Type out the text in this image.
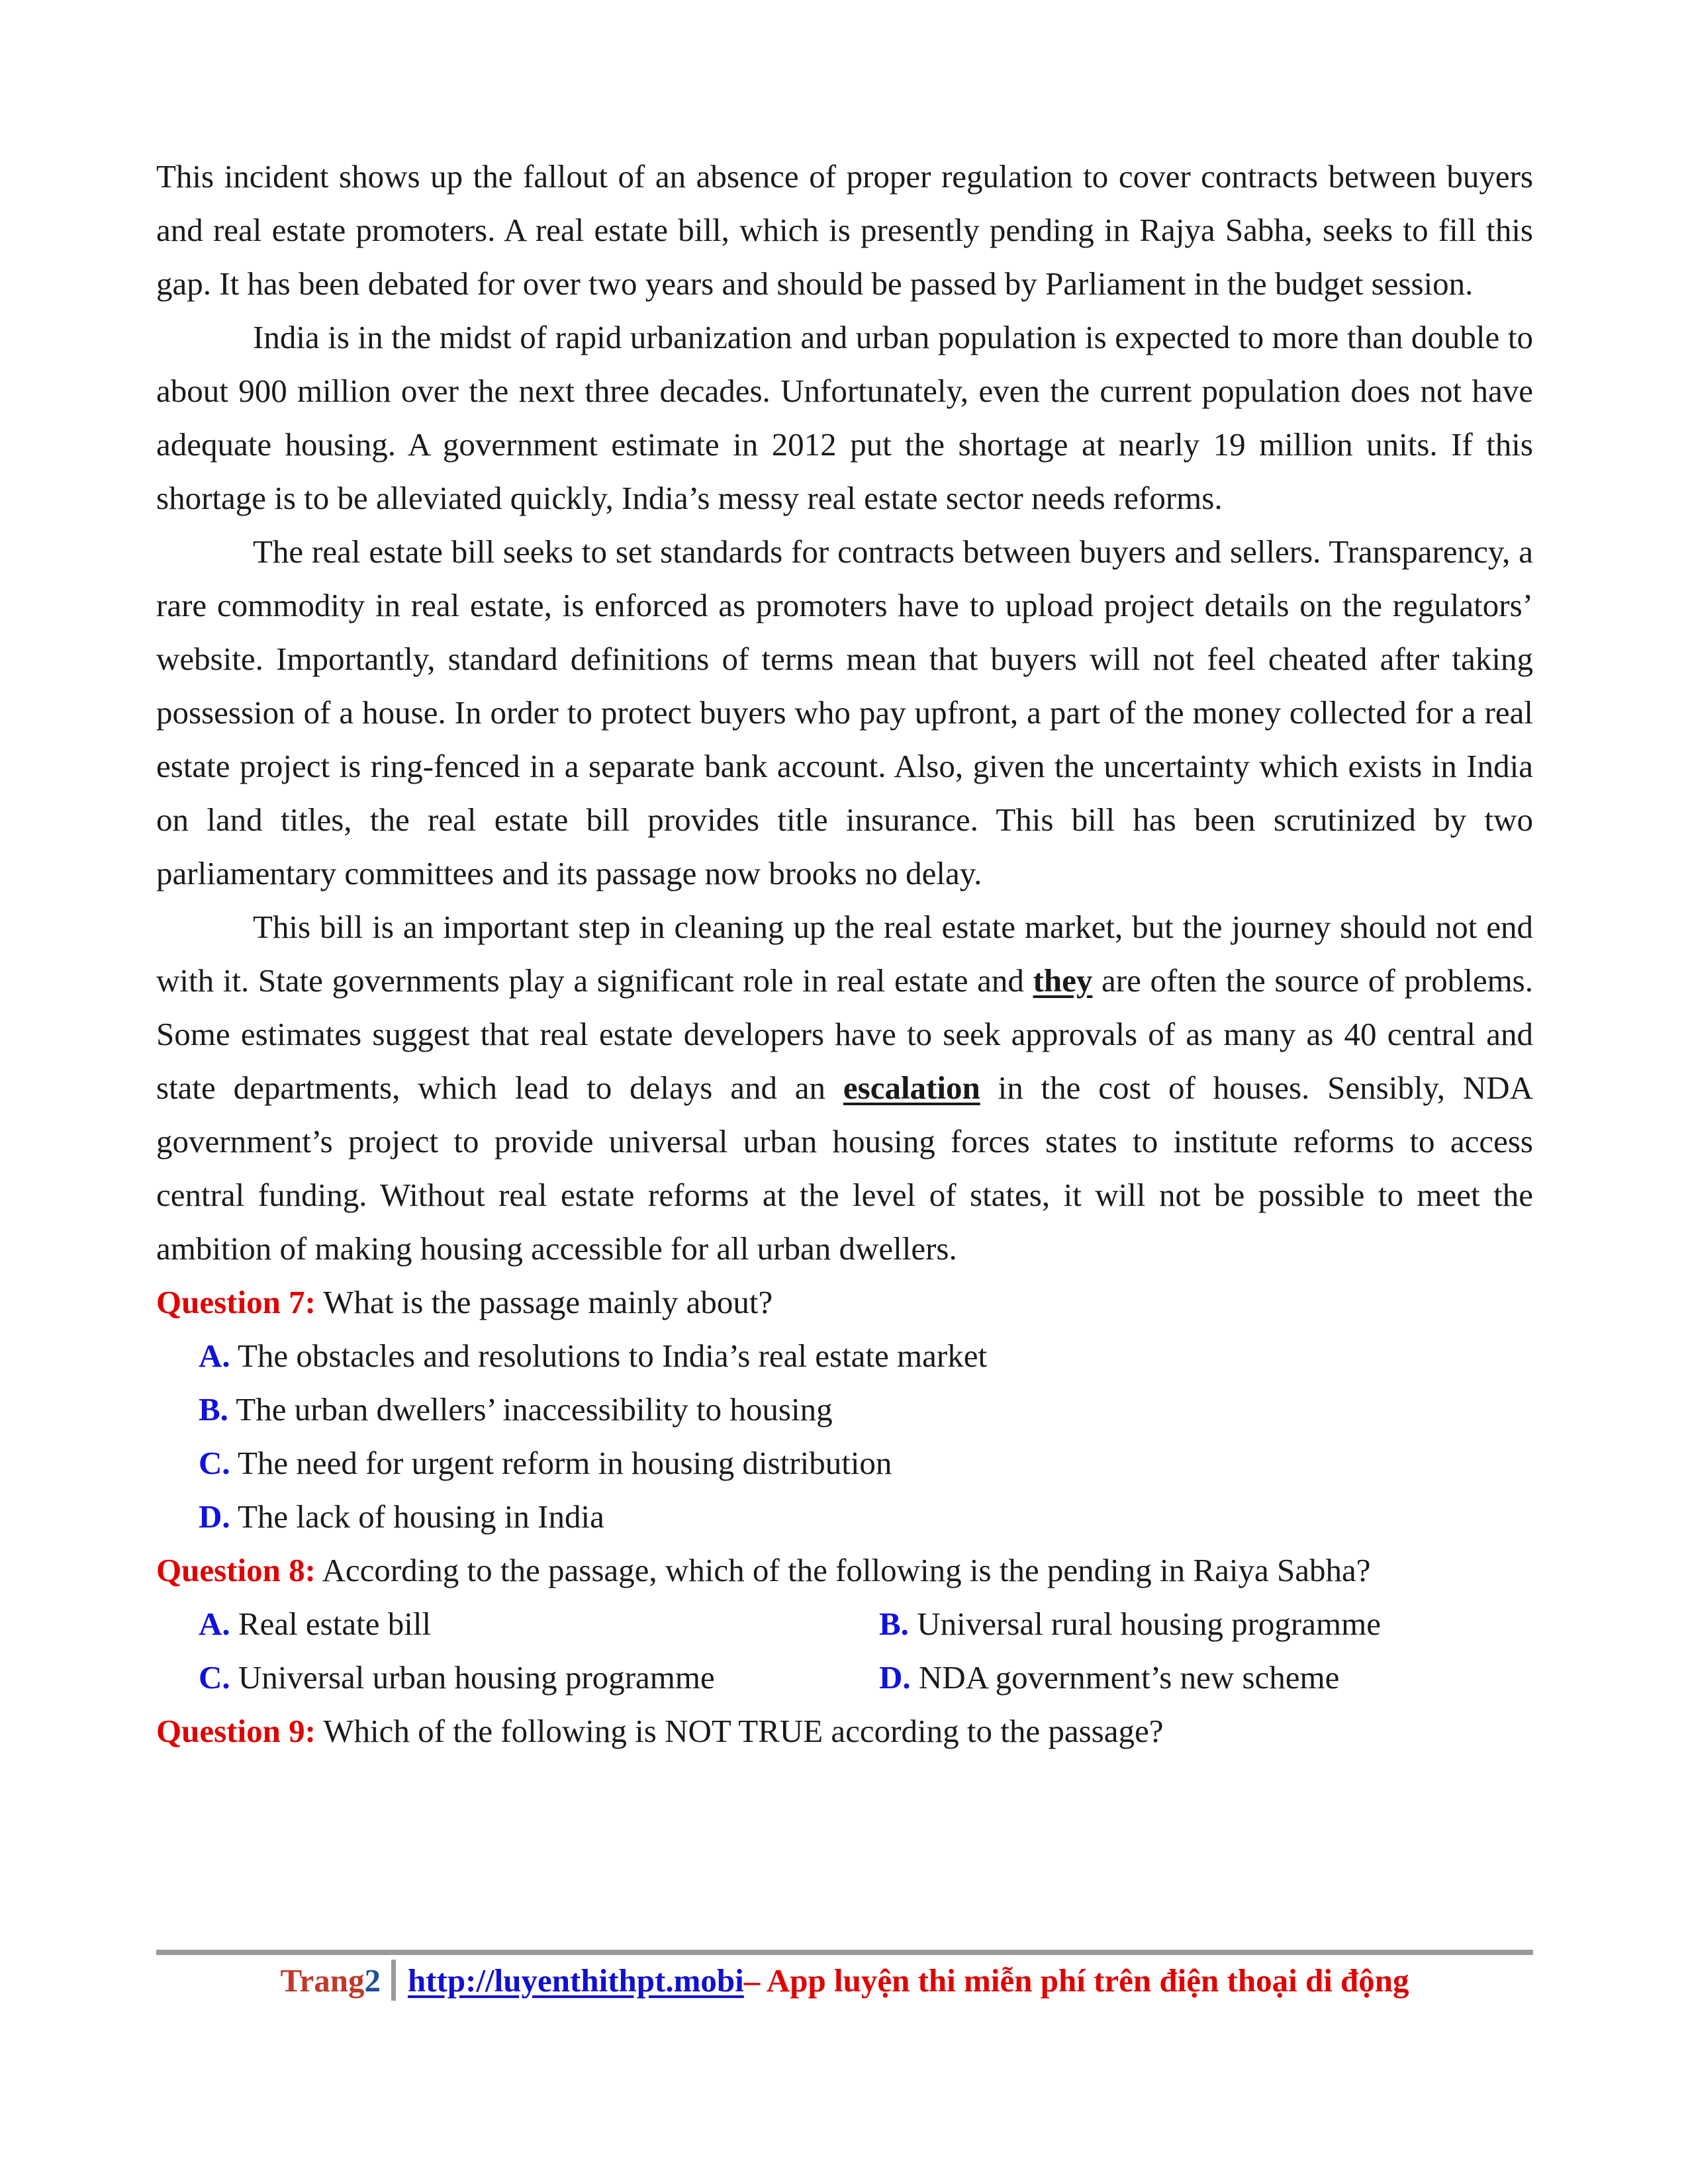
This incident shows up the fallout of an absence of proper regulation to cover contracts between buyers and real estate promoters. A real estate bill, which is presently pending in Rajya Sabha, seeks to fill this gap. It has been debated for over two years and should be passed by Parliament in the budget session.

India is in the midst of rapid urbanization and urban population is expected to more than double to about 900 million over the next three decades. Unfortunately, even the current population does not have adequate housing. A government estimate in 2012 put the shortage at nearly 19 million units. If this shortage is to be alleviated quickly, India’s messy real estate sector needs reforms.

The real estate bill seeks to set standards for contracts between buyers and sellers. Transparency, a rare commodity in real estate, is enforced as promoters have to upload project details on the regulators’ website. Importantly, standard definitions of terms mean that buyers will not feel cheated after taking possession of a house. In order to protect buyers who pay upfront, a part of the money collected for a real estate project is ring-fenced in a separate bank account. Also, given the uncertainty which exists in India on land titles, the real estate bill provides title insurance. This bill has been scrutinized by two parliamentary committees and its passage now brooks no delay.

This bill is an important step in cleaning up the real estate market, but the journey should not end with it. State governments play a significant role in real estate and they are often the source of problems. Some estimates suggest that real estate developers have to seek approvals of as many as 40 central and state departments, which lead to delays and an escalation in the cost of houses. Sensibly, NDA government’s project to provide universal urban housing forces states to institute reforms to access central funding. Without real estate reforms at the level of states, it will not be possible to meet the ambition of making housing accessible for all urban dwellers.

Question 7: What is the passage mainly about?

A. The obstacles and resolutions to India’s real estate market
B. The urban dwellers’ inaccessibility to housing
C. The need for urgent reform in housing distribution
D. The lack of housing in India

Question 8: According to the passage, which of the following is the pending in Raiya Sabha?

A. Real estate bill	B. Universal rural housing programme
C. Universal urban housing programme	D. NDA government’s new scheme

Question 9: Which of the following is NOT TRUE according to the passage?

Trang 2 http://luyenthithpt.mobi – App luyện thi miễn phí trên điện thoại di động
